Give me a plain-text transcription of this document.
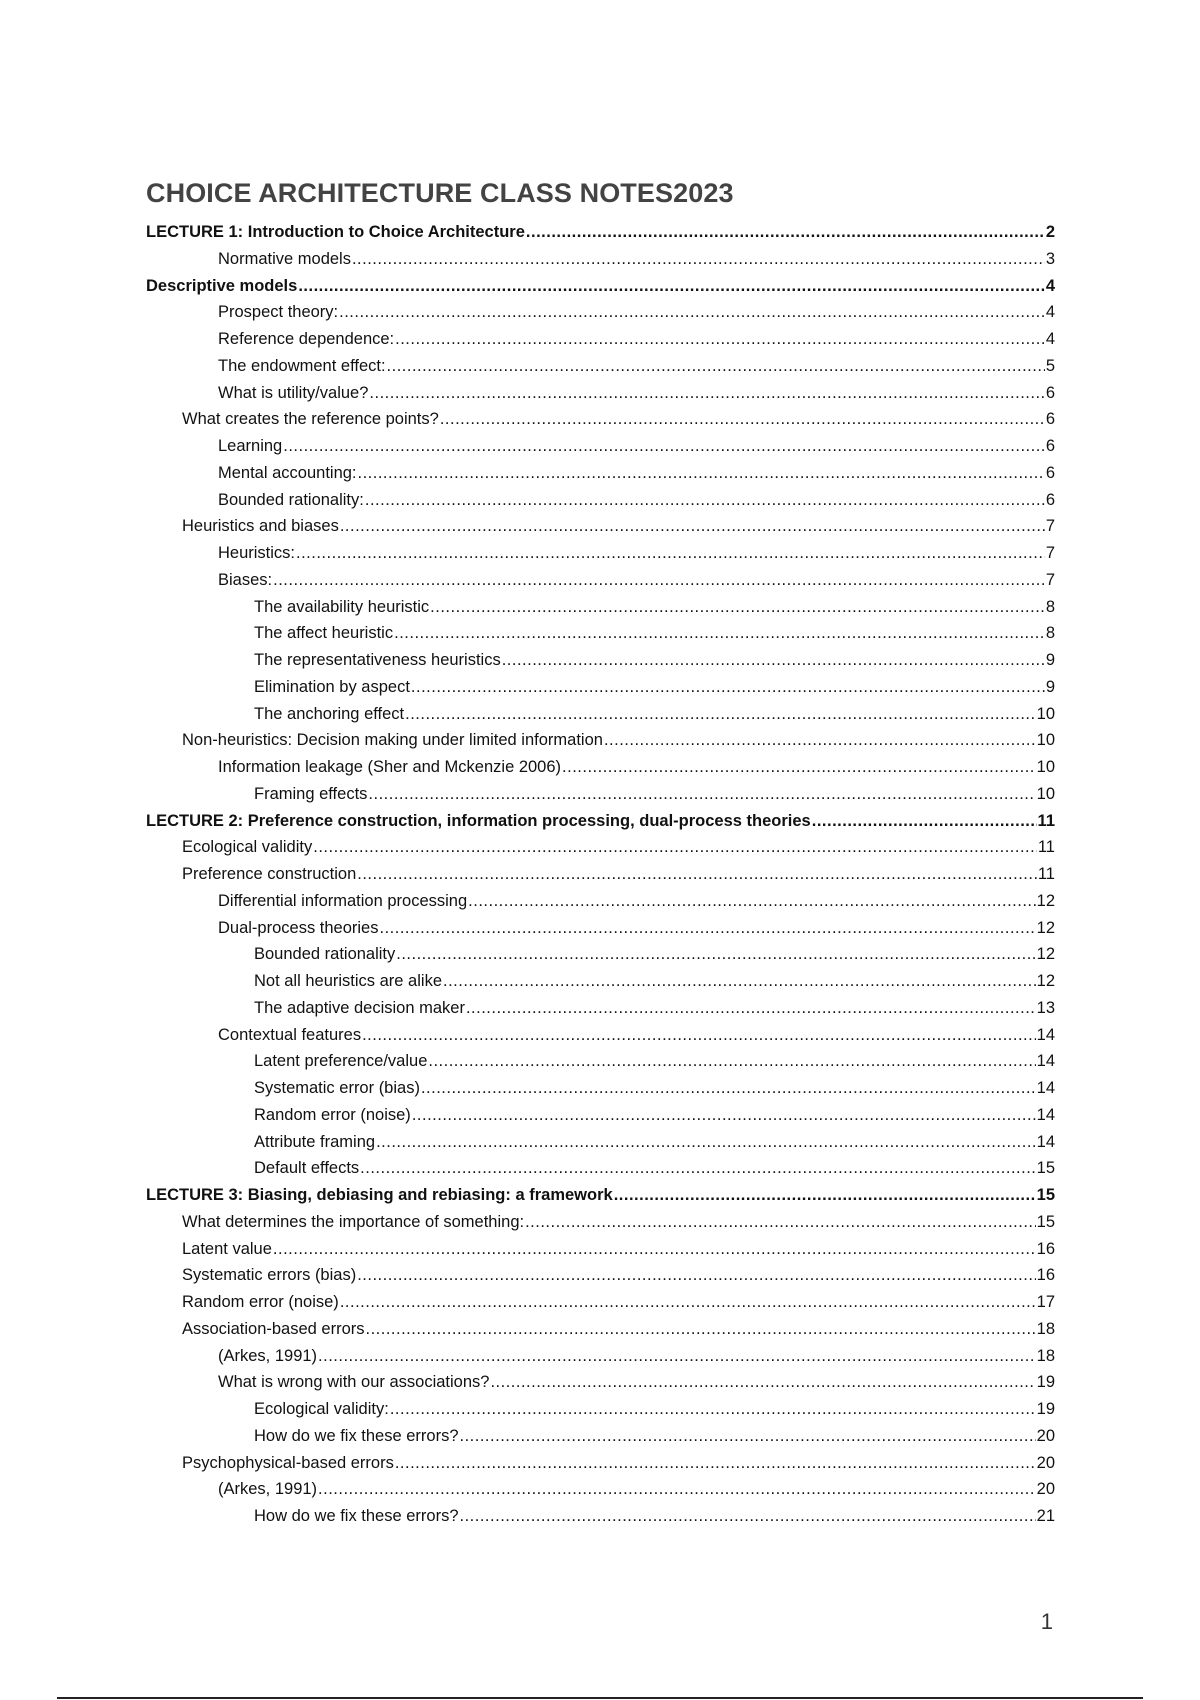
CHOICE ARCHITECTURE CLASS NOTES2023
LECTURE 1: Introduction to Choice Architecture .....	2
Normative models .....	3
Descriptive models .....	4
Prospect theory: .....	4
Reference dependence: .....	4
The endowment effect: .....	5
What is utility/value? .....	6
What creates the reference points? .....	6
Learning .....	6
Mental accounting: .....	6
Bounded rationality: .....	6
Heuristics and biases .....	7
Heuristics: .....	7
Biases: .....	7
The availability heuristic .....	8
The affect heuristic .....	8
The representativeness heuristics .....	9
Elimination by aspect .....	9
The anchoring effect .....	10
Non-heuristics: Decision making under limited information .....	10
Information leakage (Sher and Mckenzie 2006) .....	10
Framing effects .....	10
LECTURE 2: Preference construction, information processing, dual-process theories .....	11
Ecological validity .....	11
Preference construction .....	11
Differential information processing .....	12
Dual-process theories .....	12
Bounded rationality .....	12
Not all heuristics are alike .....	12
The adaptive decision maker .....	13
Contextual features .....	14
Latent preference/value .....	14
Systematic error (bias) .....	14
Random error (noise) .....	14
Attribute framing .....	14
Default effects .....	15
LECTURE 3: Biasing, debiasing and rebiasing: a framework .....	15
What determines the importance of something: .....	15
Latent value .....	16
Systematic errors (bias) .....	16
Random error (noise) .....	17
Association-based errors .....	18
(Arkes, 1991) .....	18
What is wrong with our associations? .....	19
Ecological validity: .....	19
How do we fix these errors? .....	20
Psychophysical-based errors .....	20
(Arkes, 1991) .....	20
How do we fix these errors? .....	21
1
